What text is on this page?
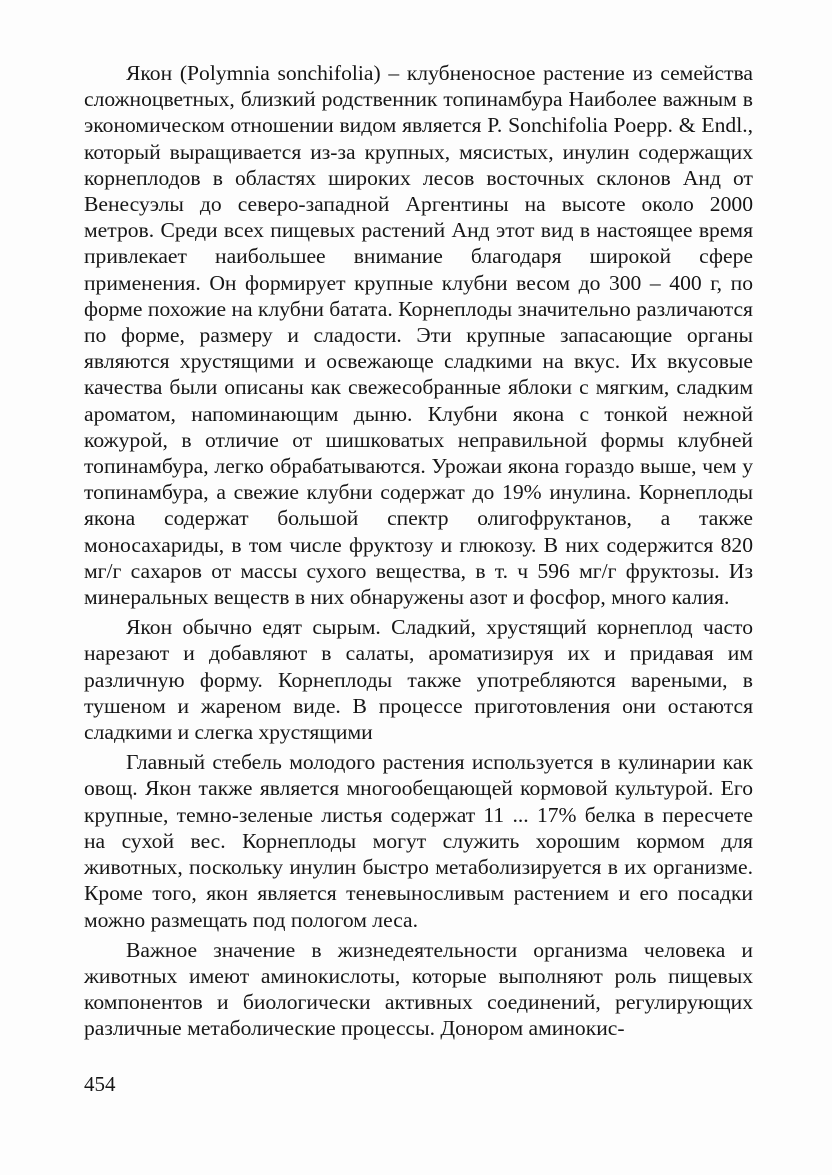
Якон (Polymnia sonchifolia) – клубненосное растение из семейства сложноцветных, близкий родственник топинамбура Наиболее важным в экономическом отношении видом является P. Sonchifolia Poepp. & Endl., который выращивается из-за крупных, мясистых, инулин содержащих корнеплодов в областях широких лесов восточных склонов Анд от Венесуэлы до северо-западной Аргентины на высоте около 2000 метров. Среди всех пищевых растений Анд этот вид в настоящее время привлекает наибольшее внимание благодаря широкой сфере применения. Он формирует крупные клубни весом до 300 – 400 г, по форме похожие на клубни батата. Корнеплоды значительно различаются по форме, размеру и сладости. Эти крупные запасающие органы являются хрустящими и освежающе сладкими на вкус. Их вкусовые качества были описаны как свежесобранные яблоки с мягким, сладким ароматом, напоминающим дыню. Клубни якона с тонкой нежной кожурой, в отличие от шишковатых неправильной формы клубней топинамбура, легко обрабатываются. Урожаи якона гораздо выше, чем у топинамбура, а свежие клубни содержат до 19% инулина. Корнеплоды якона содержат большой спектр олигофруктанов, а также моносахариды, в том числе фруктозу и глюкозу. В них содержится 820 мг/г сахаров от массы сухого вещества, в т. ч 596 мг/г фруктозы. Из минеральных веществ в них обнаружены азот и фосфор, много калия.

Якон обычно едят сырым. Сладкий, хрустящий корнеплод часто нарезают и добавляют в салаты, ароматизируя их и придавая им различную форму. Корнеплоды также употребляются вареными, в тушеном и жареном виде. В процессе приготовления они остаются сладкими и слегка хрустящими

Главный стебель молодого растения используется в кулинарии как овощ. Якон также является многообещающей кормовой культурой. Его крупные, темно-зеленые листья содержат 11 ... 17% белка в пересчете на сухой вес. Корнеплоды могут служить хорошим кормом для животных, поскольку инулин быстро метаболизируется в их организме. Кроме того, якон является теневыносливым растением и его посадки можно размещать под пологом леса.

Важное значение в жизнедеятельности организма человека и животных имеют аминокислоты, которые выполняют роль пищевых компонентов и биологически активных соединений, регулирующих различные метаболические процессы. Донором аминокис-

454
